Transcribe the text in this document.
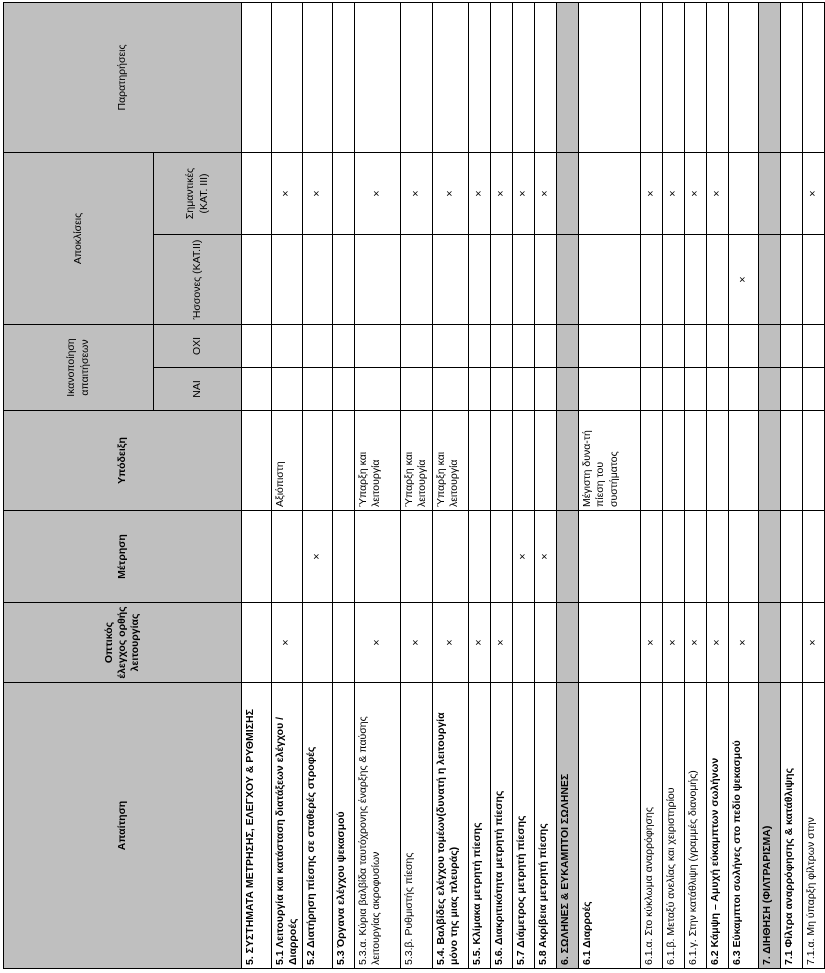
Απαίτηση	Οπτικός έλεγχος ορθής λειτουργίας	Μέτρηση	Υπόδειξη	Ικανοποίηση απαιτήσεων		Αποκλίσεις		Παρατηρήσεις

				ΝΑΙ	ΟΧΙ	Ήσσονες (ΚΑΤ.ΙΙ)	Σημαντικές (ΚΑΤ. ΙΙΙ)	
5. ΣΥΣΤΗΜΑΤΑ ΜΕΤΡΗΣΗΣ, ΕΛΕΓΧΟΥ & ΡΥΘΜΙΣΗΣ								
5.1 Λειτουργία και κατάσταση διατάξεων ελέγχου / Διαρροές	×		Αξιόπιστη				×	
5.2 Διατήρηση πίεσης σε σταθερές στροφές		×					×	
5.3 Όργανα ελέγχου ψεκασμού								
5.3.α. Κύρια βαλβίδα ταυτόχρονης έναρξης & παύσης λειτουργίας ακροφυσίων	×		Ύπαρξη και λειτουργία				×	
5.3.β. Ρυθμιστής πίεσης	×		Ύπαρξη και λειτουργία				×	
5.4. Βαλβίδες ελέγχου τομέων(δυνατή η λειτουργία μόνο της μιας πλευράς)	×		Ύπαρξη και λειτουργία				×	
5.5. Κλίμακα μετρητή πίεσης	×						×	
5.6. Διακριτικότητα μετρητή πίεσης	×						×	
5.7 Διάμετρος μετρητή πίεσης		×					×	
5.8 Ακρίβεια μετρητή πίεσης		×					×	
6. ΣΩΛΗΝΕΣ & ΕΥΚΑΜΠΤΟΙ ΣΩΛΗΝΕΣ								
6.1 Διαρροές			Μέγιστη δυνα-τή πίεση του συστήματος					
6.1.α. Στο κύκλωμα αναρρόφησης	×						×	
6.1.β. Μεταξύ ανελίας και χειριστηρίου	×						×	
6.1.γ. Στην κατάθλιψη (γραμμές διανομής)	×						×	
6.2 Κάμψη – Αμυχή εύκαμπτων σωλήνων	×						×	
6.3 Εύκαμπτοι σωλήνες στο πεδίο ψεκασμού	×					×		
7. ΔΙΗΘΗΣΗ (ΦΙΛΤΡΑΡΙΣΜΑ)								
7.1 Φίλτρα αναρρόφησης & κατάθλιψης								
7.1.α. Μη ύπαρξη φίλτρων στην	×						×	
